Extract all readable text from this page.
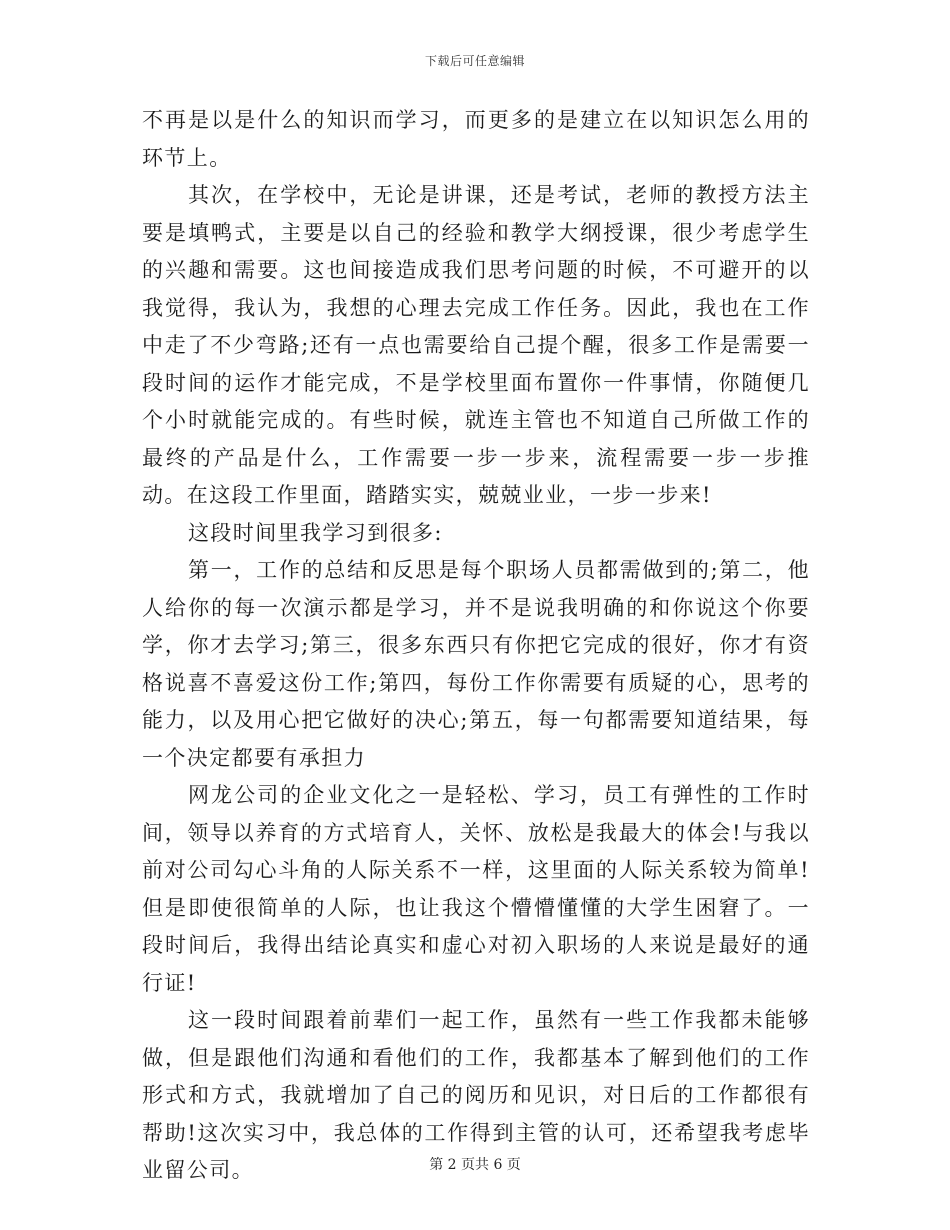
下载后可任意编辑

不再是以是什么的知识而学习，而更多的是建立在以知识怎么用的环节上。

其次，在学校中，无论是讲课，还是考试，老师的教授方法主要是填鸭式，主要是以自己的经验和教学大纲授课，很少考虑学生的兴趣和需要。这也间接造成我们思考问题的时候，不可避开的以我觉得，我认为，我想的心理去完成工作任务。因此，我也在工作中走了不少弯路;还有一点也需要给自己提个醒，很多工作是需要一段时间的运作才能完成，不是学校里面布置你一件事情，你随便几个小时就能完成的。有些时候，就连主管也不知道自己所做工作的最终的产品是什么，工作需要一步一步来，流程需要一步一步推动。在这段工作里面，踏踏实实，兢兢业业，一步一步来!

这段时间里我学习到很多:

第一，工作的总结和反思是每个职场人员都需做到的;第二，他人给你的每一次演示都是学习，并不是说我明确的和你说这个你要学，你才去学习;第三，很多东西只有你把它完成的很好，你才有资格说喜不喜爱这份工作;第四，每份工作你需要有质疑的心，思考的能力，以及用心把它做好的决心;第五，每一句都需要知道结果，每一个决定都要有承担力

网龙公司的企业文化之一是轻松、学习，员工有弹性的工作时间，领导以养育的方式培育人，关怀、放松是我最大的体会!与我以前对公司勾心斗角的人际关系不一样，这里面的人际关系较为简单!但是即使很简单的人际，也让我这个懵懵懂懂的大学生困窘了。一段时间后，我得出结论真实和虚心对初入职场的人来说是最好的通行证!

这一段时间跟着前辈们一起工作，虽然有一些工作我都未能够做，但是跟他们沟通和看他们的工作，我都基本了解到他们的工作形式和方式，我就增加了自己的阅历和见识，对日后的工作都很有帮助!这次实习中，我总体的工作得到主管的认可，还希望我考虑毕业留公司。	第 2 页共 6 页
